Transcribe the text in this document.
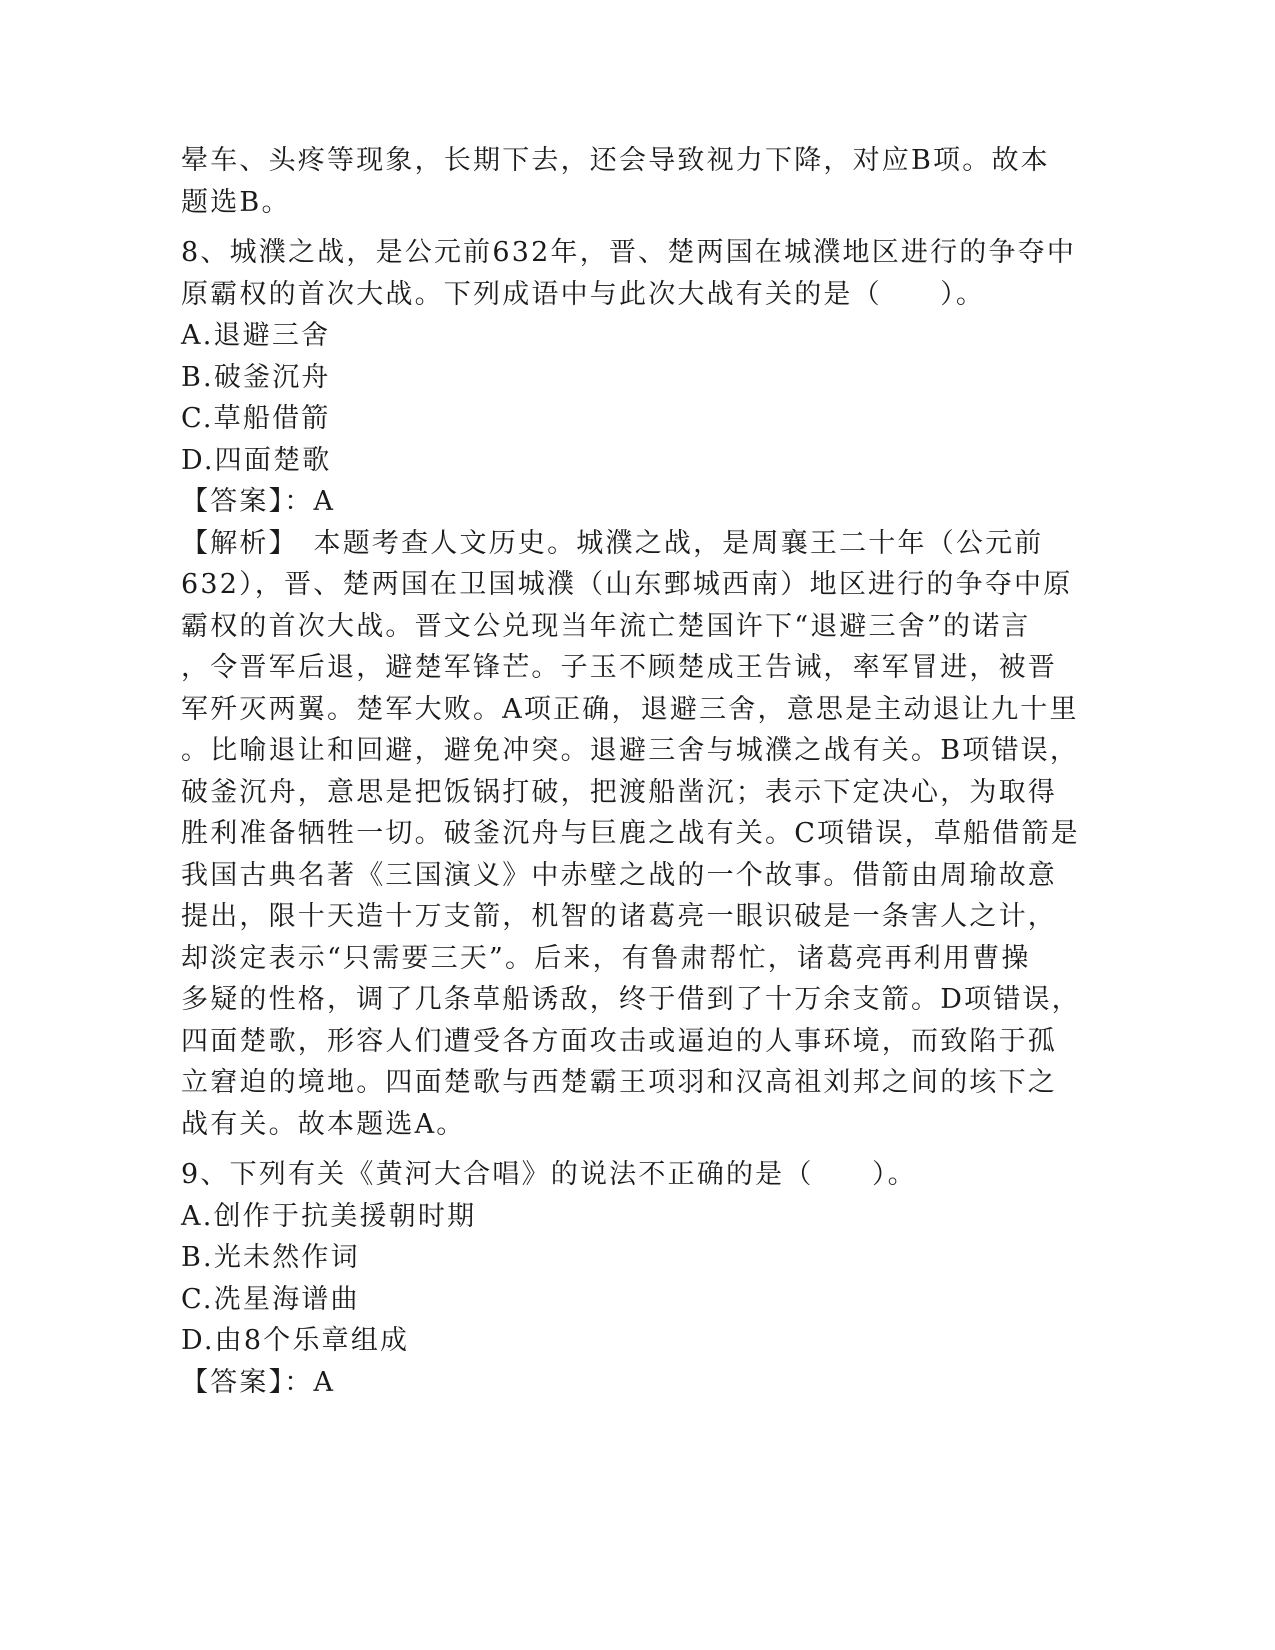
晕车、头疼等现象，长期下去，还会导致视力下降，对应B项。故本
题选B。
8、城濮之战，是公元前632年，晋、楚两国在城濮地区进行的争夺中
原霸权的首次大战。下列成语中与此次大战有关的是（　　）。
A.退避三舍
B.破釜沉舟
C.草船借箭
D.四面楚歌
【答案】：A
【解析】　本题考查人文历史。城濮之战，是周襄王二十年（公元前
632），晋、楚两国在卫国城濮（山东鄄城西南）地区进行的争夺中原
霸权的首次大战。晋文公兑现当年流亡楚国许下“退避三舍”的诺言
，令晋军后退，避楚军锋芒。子玉不顾楚成王告诫，率军冒进，被晋
军歼灭两翼。楚军大败。A项正确，退避三舍，意思是主动退让九十里
。比喻退让和回避，避免冲突。退避三舍与城濮之战有关。B项错误，
破釜沉舟，意思是把饭锅打破，把渡船凿沉；表示下定决心，为取得
胜利准备牺牲一切。破釜沉舟与巨鹿之战有关。C项错误，草船借箭是
我国古典名著《三国演义》中赤壁之战的一个故事。借箭由周瑜故意
提出，限十天造十万支箭，机智的诸葛亮一眼识破是一条害人之计，
却淡定表示“只需要三天”。后来，有鲁肃帮忙，诸葛亮再利用曹操
多疑的性格，调了几条草船诱敌，终于借到了十万余支箭。D项错误，
四面楚歌，形容人们遭受各方面攻击或逼迫的人事环境，而致陷于孤
立窘迫的境地。四面楚歌与西楚霸王项羽和汉高祖刘邦之间的垓下之
战有关。故本题选A。
9、下列有关《黄河大合唱》的说法不正确的是（　　）。
A.创作于抗美援朝时期
B.光未然作词
C.冼星海谱曲
D.由8个乐章组成
【答案】：A
